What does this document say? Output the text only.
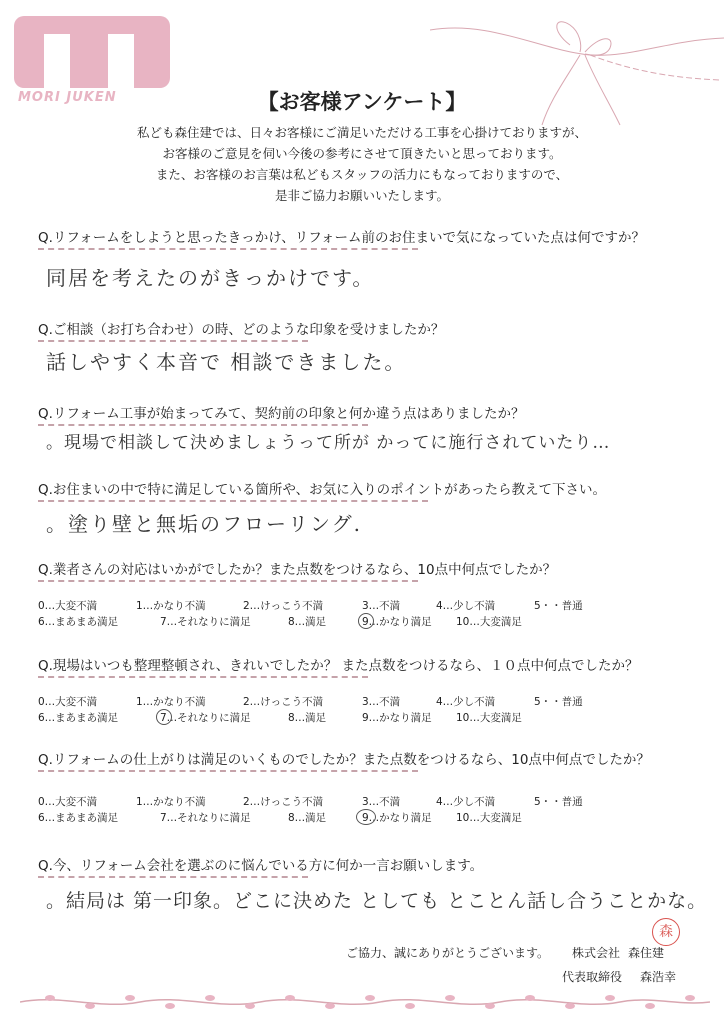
MORI JUKEN	【お客様アンケート】
私ども森住建では、日々お客様にご満足いただける工事を心掛けておりますが、
お客様のご意見を伺い今後の参考にさせて頂きたいと思っております。
また、お客様のお言葉は私どもスタッフの活力にもなっておりますので、
是非ご協力お願いいたします。
Q.リフォームをしようと思ったきっかけ、リフォーム前のお住まいで気になっていた点は何ですか？
同居を考えたのがきっかけです。
Q.ご相談（お打ち合わせ）の時、どのような印象を受けましたか？
話しやすく本音で 相談できました。
Q.リフォーム工事が始まってみて、契約前の印象と何か違う点はありましたか？
。現場で相談して決めましょうって所が かってに施行されていたり…
Q.お住まいの中で特に満足している箇所や、お気に入りのポイントがあったら教えて下さい。
。塗り壁と無垢のフローリング.
Q.業者さんの対応はいかがでしたか？また点数をつけるなら、10点中何点でしたか？
0…大変不満	1…かなり不満	2…けっこう不満	3…不満	4…少し不満	5・・普通
6…まあまあ満足	7…それなりに満足	8…満足	9…かなり満足 10…大変満足
Q.現場はいつも整理整頓され、きれいでしたか？ また点数をつけるなら、１０点中何点でしたか？
0…大変不満	1…かなり不満	2…けっこう不満	3…不満	4…少し不満	5・・普通
6…まあまあ満足	7…それなりに満足	8…満足	9…かなり満足 10…大変満足
Q.リフォームの仕上がりは満足のいくものでしたか？また点数をつけるなら、10点中何点でしたか？
0…大変不満	1…かなり不満	2…けっこう不満	3…不満	4…少し不満	5・・普通
6…まあまあ満足	7…それなりに満足	8…満足	9…かなり満足 10…大変満足
Q.今、リフォーム会社を選ぶのに悩んでいる方に何か一言お願いします。
。結局は 第一印象。どこに決めた としても とことん話し合うことかな。
ご協力、誠にありがとうございます。 株式会社 森住建
代表取締役 森浩幸
森
